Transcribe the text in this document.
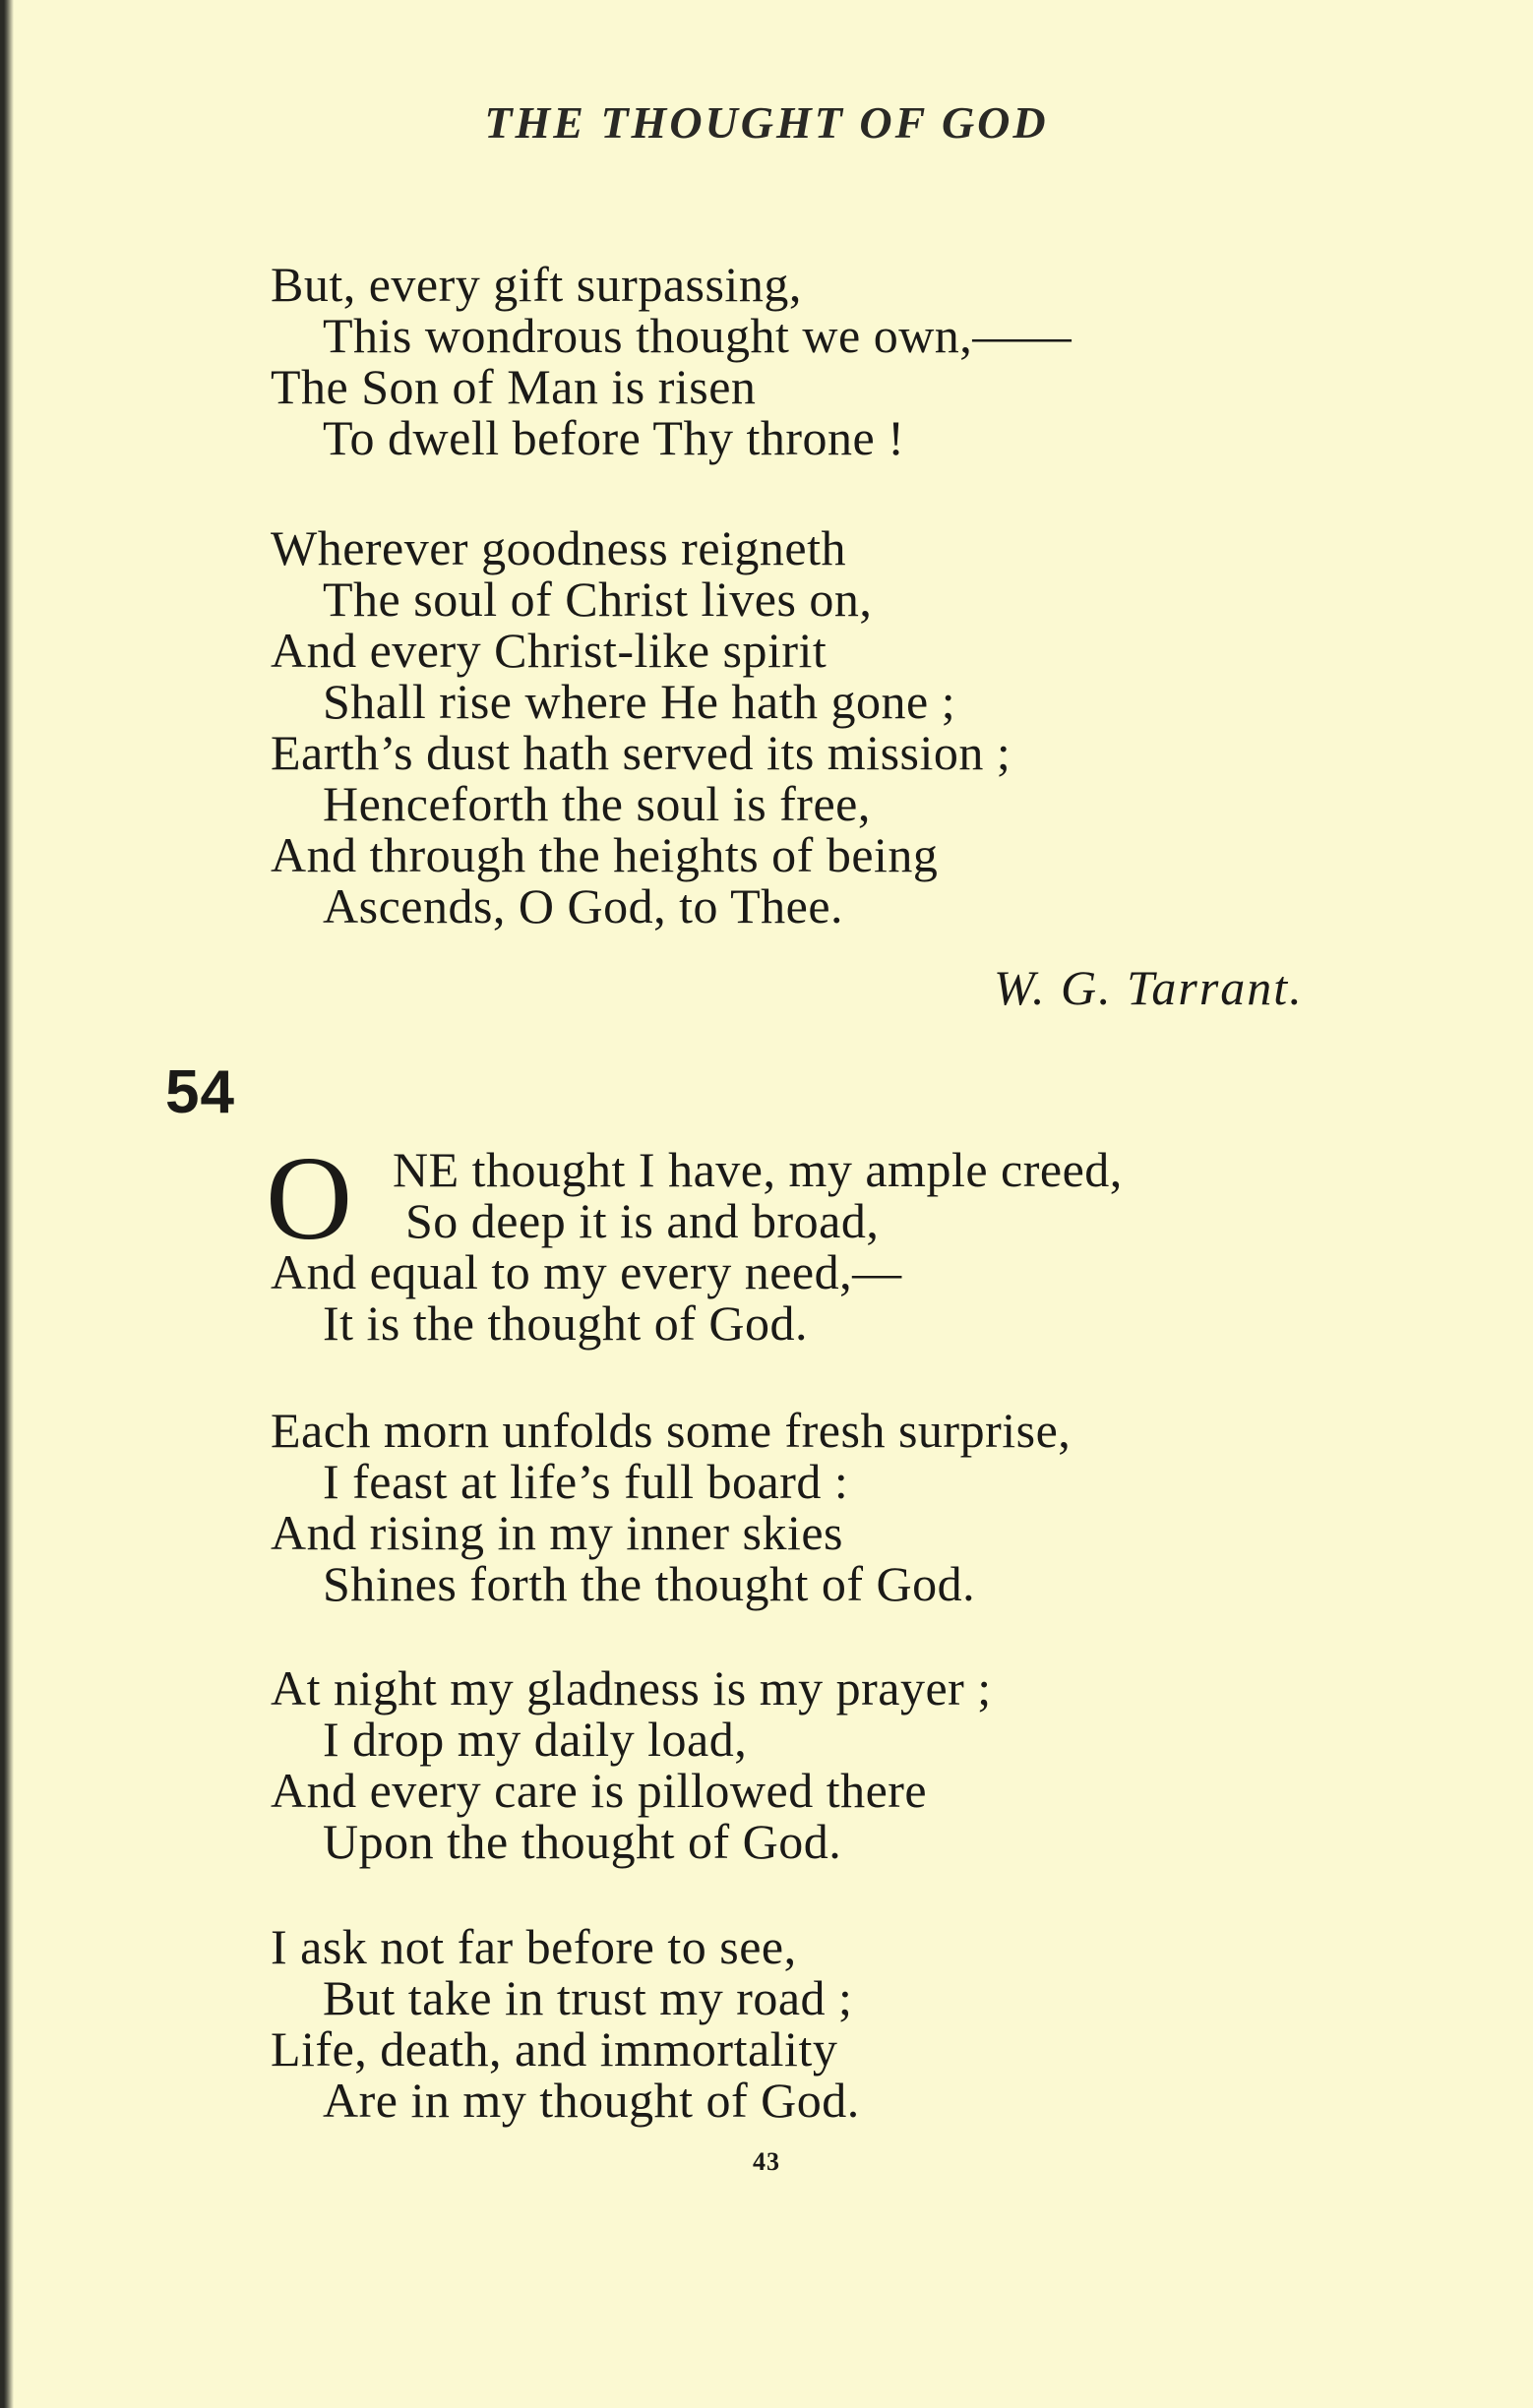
THE THOUGHT OF GOD
But, every gift surpassing,
This wondrous thought we own,——
The Son of Man is risen
To dwell before Thy throne !
Wherever goodness reigneth
The soul of Christ lives on,
And every Christ-like spirit
Shall rise where He hath gone ;
Earth’s dust hath served its mission ;
Henceforth the soul is free,
And through the heights of being
Ascends, O God, to Thee.
W. G. Tarrant.
54
O NE thought I have, my ample creed,
So deep it is and broad,
And equal to my every need,—
It is the thought of God.
Each morn unfolds some fresh surprise,
I feast at life’s full board :
And rising in my inner skies
Shines forth the thought of God.
At night my gladness is my prayer ;
I drop my daily load,
And every care is pillowed there
Upon the thought of God.
I ask not far before to see,
But take in trust my road ;
Life, death, and immortality
Are in my thought of God.
43
